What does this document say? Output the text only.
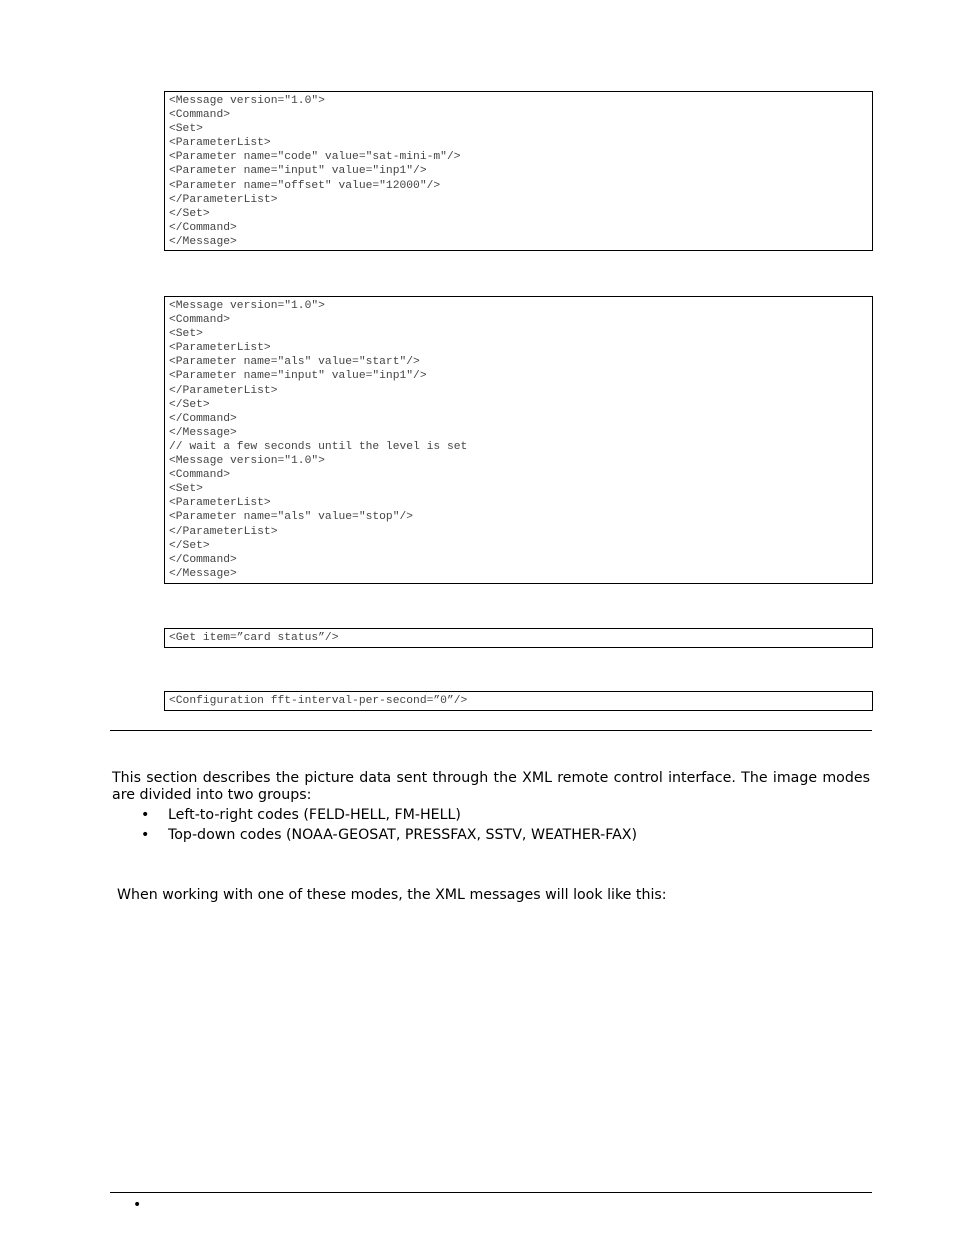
<Message version="1.0">
<Command>
<Set>
<ParameterList>
<Parameter name="code" value="sat-mini-m"/>
<Parameter name="input" value="inp1"/>
<Parameter name="offset" value="12000"/>
</ParameterList>
</Set>
</Command>
</Message>
<Message version="1.0">
<Command>
<Set>
<ParameterList>
<Parameter name="als" value="start"/>
<Parameter name="input" value="inp1"/>
</ParameterList>
</Set>
</Command>
</Message>
// wait a few seconds until the level is set
<Message version="1.0">
<Command>
<Set>
<ParameterList>
<Parameter name="als" value="stop"/>
</ParameterList>
</Set>
</Command>
</Message>
<Get item=”card status”/>
<Configuration fft-interval-per-second=”0”/>

This section describes the picture data sent through the XML remote control interface. The image modes are divided into two groups:

• Left-to-right codes (FELD-HELL, FM-HELL)
• Top-down codes (NOAA-GEOSAT, PRESSFAX, SSTV, WEATHER-FAX)

When working with one of these modes, the XML messages will look like this:

•
